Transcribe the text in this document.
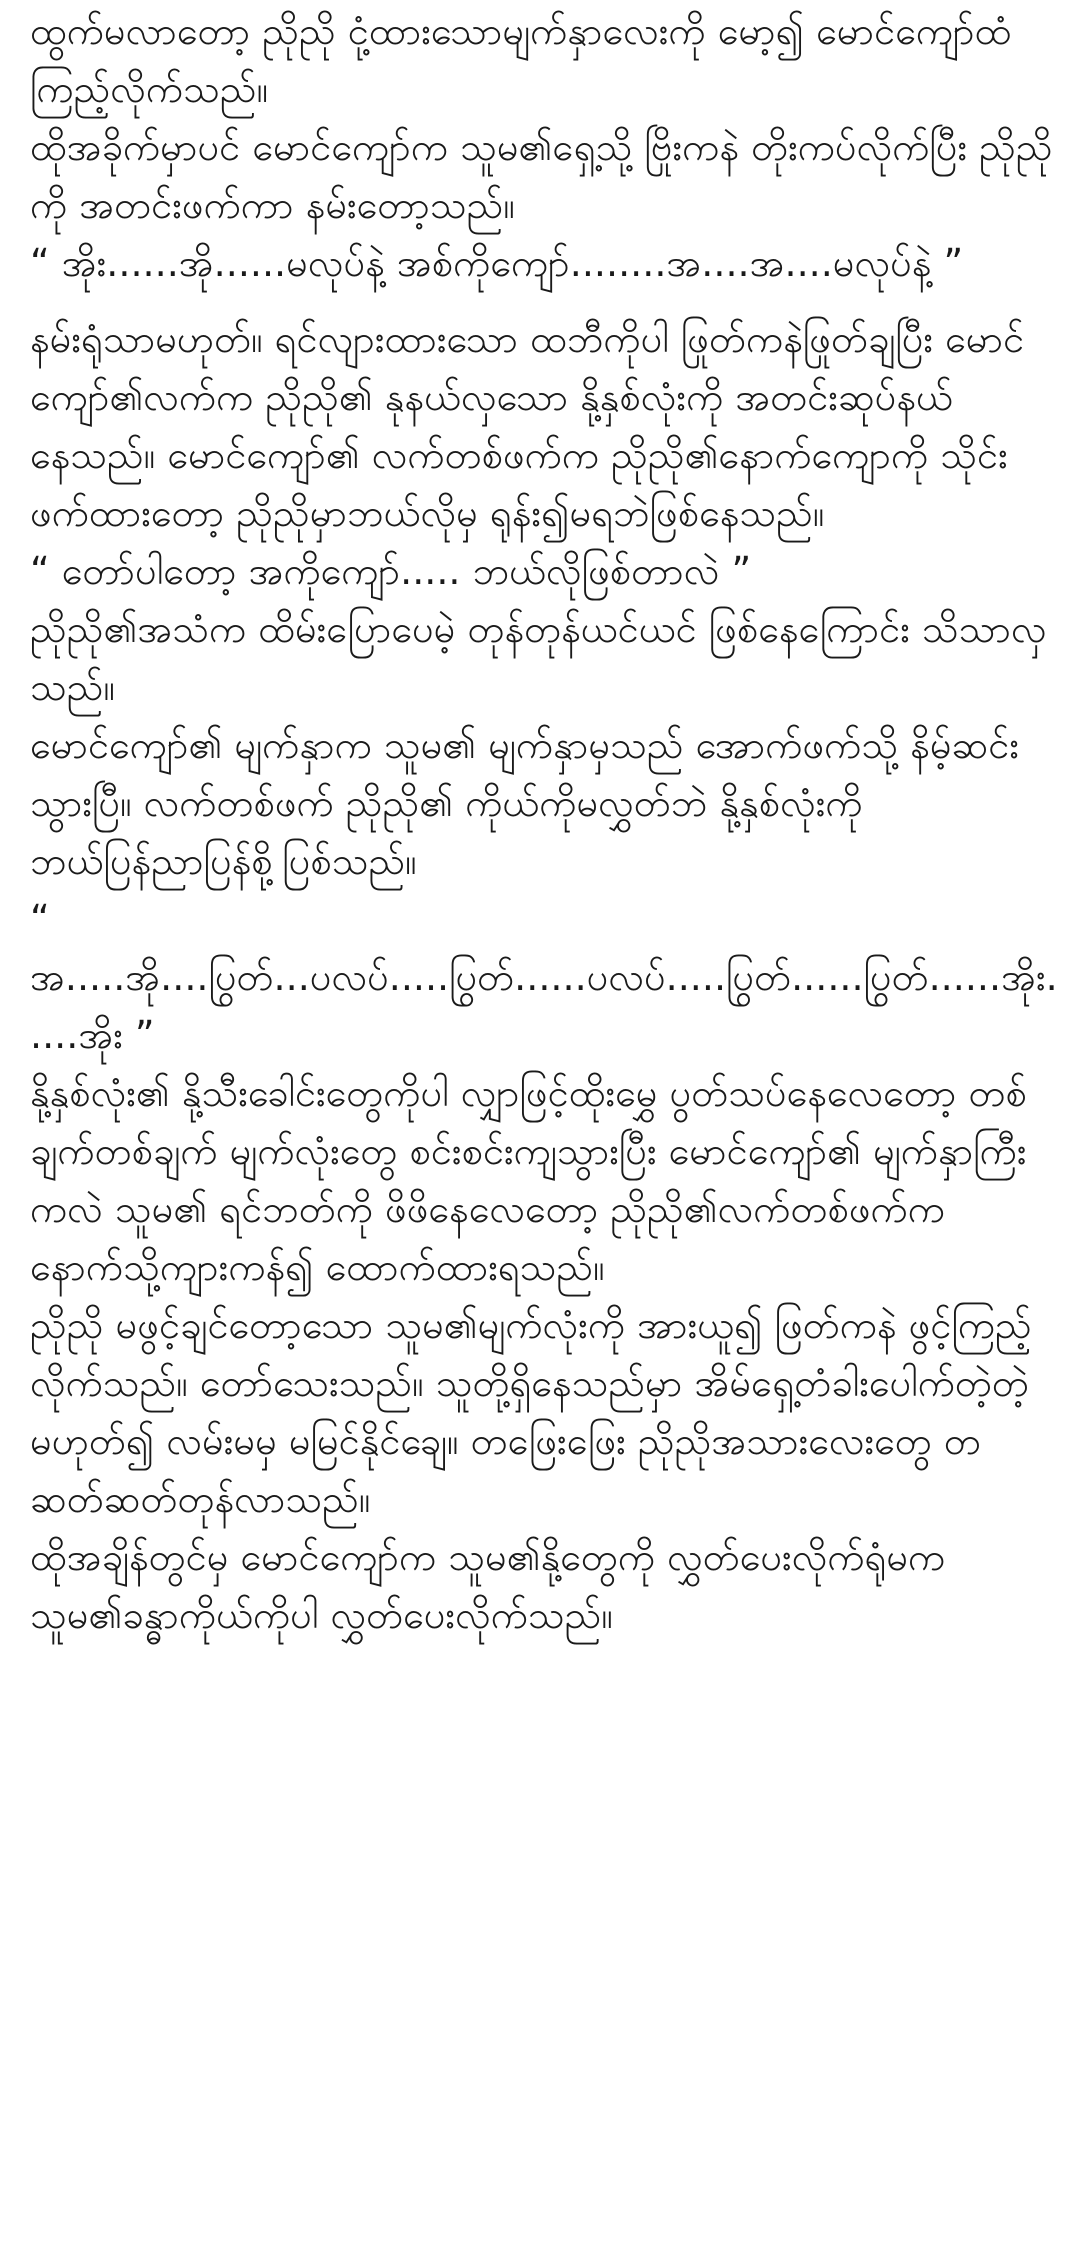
ထွက်မလာတော့ ညိုညို ငုံ့ထားသောမျက်နှာလေးကို မော့၍ မောင်ကျော်ထံ ကြည့်လိုက်သည်။

ထိုအခိုက်မှာပင် မောင်ကျော်က သူမ၏ရှေ့သို့ ဗြိုးကနဲ တိုးကပ်လိုက်ပြီး ညိုညိုကို အတင်းဖက်ကာ နမ်းတော့သည်။

“ အိုး......အို......မလုပ်နဲ့ အစ်ကိုကျော်........အ....အ....မလုပ်နဲ့ ”

နမ်းရုံသာမဟုတ်။ ရင်လျားထားသော ထဘီကိုပါ ဖြုတ်ကနဲဖြုတ်ချပြီး မောင်ကျော်၏လက်က ညိုညို၏ နုနယ်လှသော နို့နှစ်လုံးကို အတင်းဆုပ်နယ်နေသည်။ မောင်ကျော်၏ လက်တစ်ဖက်က ညိုညို၏နောက်ကျောကို သိုင်းဖက်ထားတော့ ညိုညိုမှာဘယ်လိုမှ ရုန်း၍မရဘဲဖြစ်နေသည်။

“ တော်ပါတော့ အကိုကျော်..... ဘယ်လိုဖြစ်တာလဲ ”

ညိုညို၏အသံက ထိမ်းပြောပေမဲ့ တုန်တုန်ယင်ယင် ဖြစ်နေကြောင်း သိသာလှသည်။

မောင်ကျော်၏ မျက်နှာက သူမ၏ မျက်နှာမှသည် အောက်ဖက်သို့ နိမ့်ဆင်းသွားပြီ။ လက်တစ်ဖက် ညိုညို၏ ကိုယ်ကိုမလွှတ်ဘဲ နို့နှစ်လုံးကို ဘယ်ပြန်ညာပြန်စို့ပြစ်သည်။

“ အ.....အို....ပြွတ်...ပလပ်.....ပြွတ်......ပလပ်.....ပြွတ်......ပြွတ်......အိုး.....အိုး ”

နို့နှစ်လုံး၏ နို့သီးခေါင်းတွေကိုပါ လျှာဖြင့်ထိုးမွှေ ပွတ်သပ်နေလေတော့ တစ်ချက်တစ်ချက် မျက်လုံးတွေ စင်းစင်းကျသွားပြီး မောင်ကျော်၏ မျက်နှာကြီးကလဲ သူမ၏ ရင်ဘတ်ကို ဖိဖိနေလေတော့ ညိုညို၏လက်တစ်ဖက်က နောက်သို့ကျားကန်၍ ထောက်ထားရသည်။

ညိုညို မဖွင့်ချင်တော့သော သူမ၏မျက်လုံးကို အားယူ၍ ဖြတ်ကနဲ ဖွင့်ကြည့်လိုက်သည်။ တော်သေးသည်။ သူတို့ရှိနေသည်မှာ အိမ်ရှေ့တံခါးပေါက်တဲ့တဲ့မဟုတ်၍ လမ်းမမှ မမြင်နိုင်ချေ။ တဖြေးဖြေး ညိုညိုအသားလေးတွေ တဆတ်ဆတ်တုန်လာသည်။

ထိုအချိန်တွင်မှ မောင်ကျော်က သူမ၏နို့တွေကို လွှတ်ပေးလိုက်ရုံမက သူမ၏ခန္ဓာကိုယ်ကိုပါ လွှတ်ပေးလိုက်သည်။
